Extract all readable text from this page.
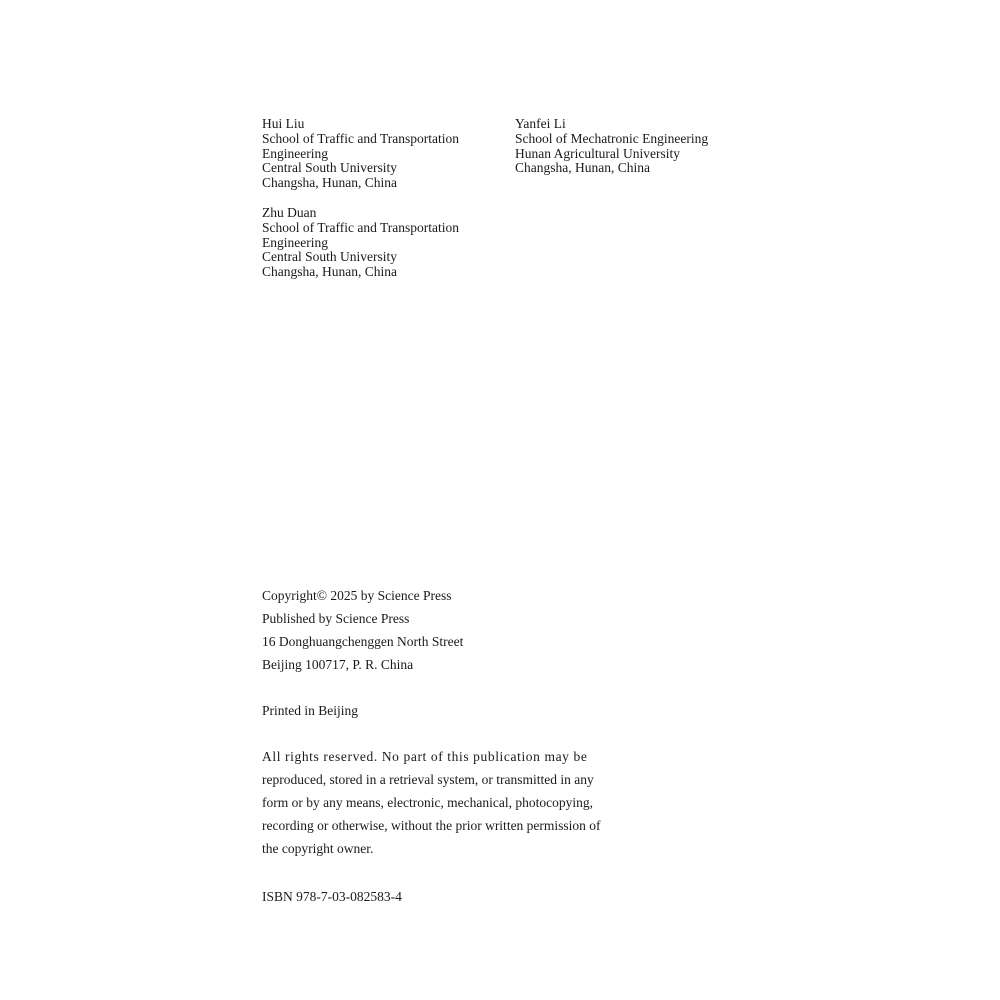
Hui Liu
School of Traffic and Transportation
Engineering
Central South University
Changsha, Hunan, China
Yanfei Li
School of Mechatronic Engineering
Hunan Agricultural University
Changsha, Hunan, China
Zhu Duan
School of Traffic and Transportation
Engineering
Central South University
Changsha, Hunan, China
Copyright© 2025 by Science Press
Published by Science Press
16 Donghuangchenggen North Street
Beijing 100717, P. R. China
Printed in Beijing
All rights reserved. No part of this publication may be
reproduced, stored in a retrieval system, or transmitted in any
form or by any means, electronic, mechanical, photocopying,
recording or otherwise, without the prior written permission of
the copyright owner.
ISBN 978-7-03-082583-4
